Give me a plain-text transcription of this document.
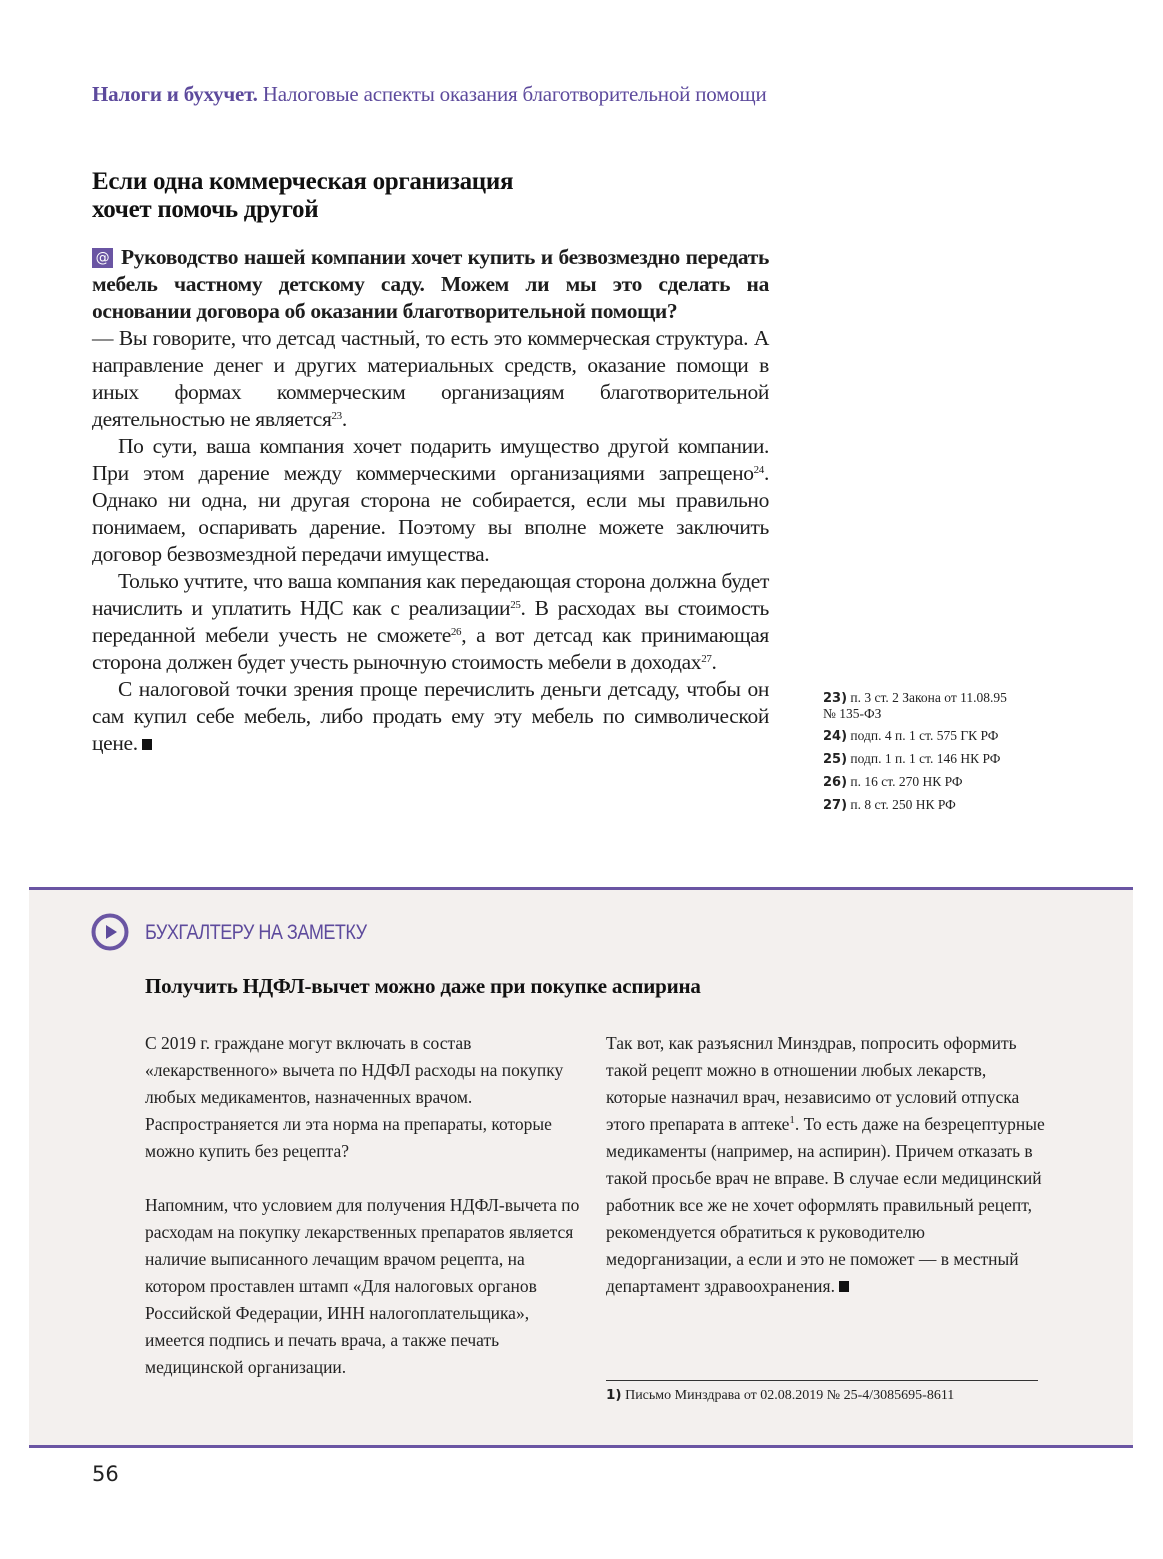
Налоги и бухучет. Налоговые аспекты оказания благотворительной помощи
Если одна коммерческая организация
хочет помочь другой

@ Руководство нашей компании хочет купить и безвозмездно передать мебель частному детскому саду. Можем ли мы это сделать на основании договора об оказании благотворительной помощи?

— Вы говорите, что детсад частный, то есть это коммерческая структура. А направление денег и других материальных средств, оказание помощи в иных формах коммерческим организациям благотворительной деятельностью не является$^{23}$.

По сути, ваша компания хочет подарить имущество другой компании. При этом дарение между коммерческими организациями запрещено$^{24}$. Однако ни одна, ни другая сторона не собирается, если мы правильно понимаем, оспаривать дарение. Поэтому вы вполне можете заключить договор безвозмездной передачи имущества.

Только учтите, что ваша компания как передающая сторона должна будет начислить и уплатить НДС как с реализации$^{25}$. В расходах вы стоимость переданной мебели учесть не сможете$^{26}$, а вот детсад как принимающая сторона должен будет учесть рыночную стоимость мебели в доходах$^{27}$.

С налоговой точки зрения проще перечислить деньги детсаду, чтобы он сам купил себе мебель, либо продать ему эту мебель по символической цене.

23) п. 3 ст. 2 Закона от 11.08.95
№ 135-ФЗ

24) подп. 4 п. 1 ст. 575 ГК РФ

25) подп. 1 п. 1 ст. 146 НК РФ

26) п. 16 ст. 270 НК РФ

27) п. 8 ст. 250 НК РФ

БУХГАЛТЕРУ НА ЗАМЕТКУ
Получить НДФЛ-вычет можно даже при покупке аспирина

С 2019 г. граждане могут включать в состав «лекарственного» вычета по НДФЛ расходы на покупку любых медикаментов, назначенных врачом. Распространяется ли эта норма на препараты, которые можно купить без рецепта?

Напомним, что условием для получения НДФЛ-вычета по расходам на покупку лекарственных препаратов является наличие выписанного лечащим врачом рецепта, на котором проставлен штамп «Для налоговых органов Российской Федерации, ИНН налогоплательщика», имеется подпись и печать врача, а также печать медицинской организации.

Так вот, как разъяснил Минздрав, попросить оформить такой рецепт можно в отношении любых лекарств, которые назначил врач, независимо от условий отпуска этого препарата в аптеке$^1$. То есть даже на безрецептурные медикаменты (например, на аспирин). Причем отказать в такой просьбе врач не вправе. В случае если медицинский работник все же не хочет оформлять правильный рецепт, рекомендуется обратиться к руководителю медорганизации, а если и это не поможет — в местный департамент здравоохранения.

1) Письмо Минздрава от 02.08.2019 № 25-4/3085695-8611
56
